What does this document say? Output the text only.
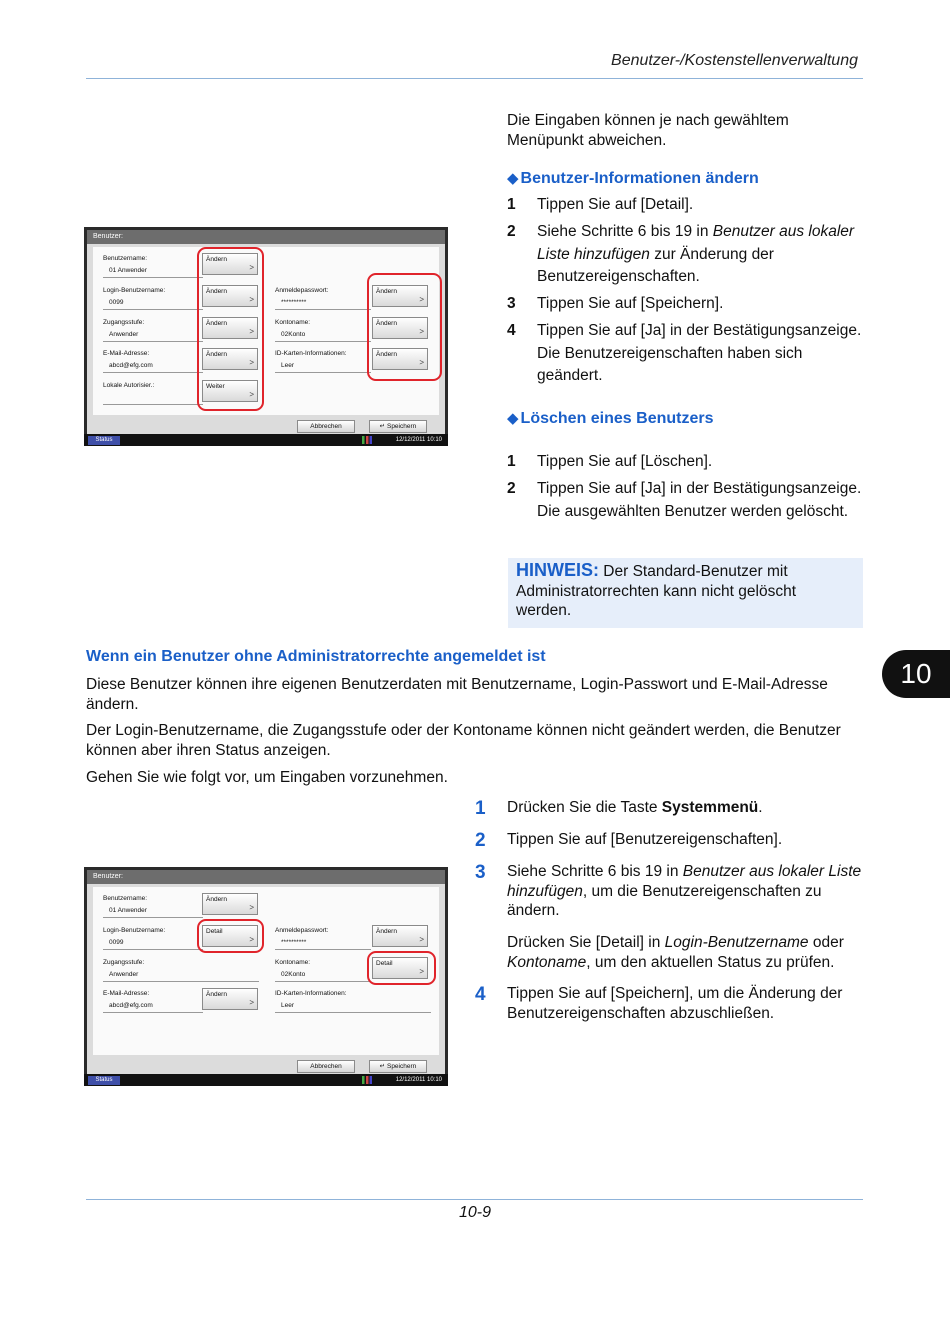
Benutzer-/Kostenstellenverwaltung
Die Eingaben können je nach gewähltem Menüpunkt abweichen.
◆ Benutzer-Informationen ändern
1 Tippen Sie auf [Detail].
2 Siehe Schritte 6 bis 19 in Benutzer aus lokaler Liste hinzufügen zur Änderung der Benutzereigenschaften.
3 Tippen Sie auf [Speichern].
4 Tippen Sie auf [Ja] in der Bestätigungsanzeige. Die Benutzereigenschaften haben sich geändert.
◆ Löschen eines Benutzers
1 Tippen Sie auf [Löschen].
2 Tippen Sie auf [Ja] in der Bestätigungsanzeige. Die ausgewählten Benutzer werden gelöscht.
HINWEIS: Der Standard-Benutzer mit Administratorrechten kann nicht gelöscht werden.
10
Benutzer:
Benutzername:
01 Anwender
Ändern
>
Login-Benutzername:
0099
Ändern
>
Zugangsstufe:
Anwender
Ändern
>
E-Mail-Adresse:
abcd@efg.com
Ändern
>
Lokale Autorisier.:	Weiter
>
Anmeldepasswort:
**********
Ändern
>
Kontoname:
02Konto
Ändern
>
ID-Karten-Informationen:
Leer
Ändern
>
Abbrechen	↵ Speichern
Status	12/12/2011 10:10
Wenn ein Benutzer ohne Administratorrechte angemeldet ist
Diese Benutzer können ihre eigenen Benutzerdaten mit Benutzername, Login-Passwort und E-Mail-Adresse ändern.
Der Login-Benutzername, die Zugangsstufe oder der Kontoname können nicht geändert werden, die Benutzer können aber ihren Status anzeigen.
Gehen Sie wie folgt vor, um Eingaben vorzunehmen.
1 Drücken Sie die Taste Systemmenü.
2 Tippen Sie auf [Benutzereigenschaften].
3 Siehe Schritte 6 bis 19 in Benutzer aus lokaler Liste hinzufügen, um die Benutzereigenschaften zu ändern.
Drücken Sie [Detail] in Login-Benutzername oder Kontoname, um den aktuellen Status zu prüfen.
4 Tippen Sie auf [Speichern], um die Änderung der Benutzereigenschaften abzuschließen.
Benutzer:
Benutzername:
01 Anwender
Ändern
>
Login-Benutzername:
0099
Detail
>
Zugangsstufe:
Anwender
E-Mail-Adresse:
abcd@efg.com
Ändern
>
Anmeldepasswort:
**********
Ändern
>
Kontoname:
02Konto
Detail
>
ID-Karten-Informationen:
Leer
Abbrechen	↵ Speichern
Status	12/12/2011 10:10
10-9
